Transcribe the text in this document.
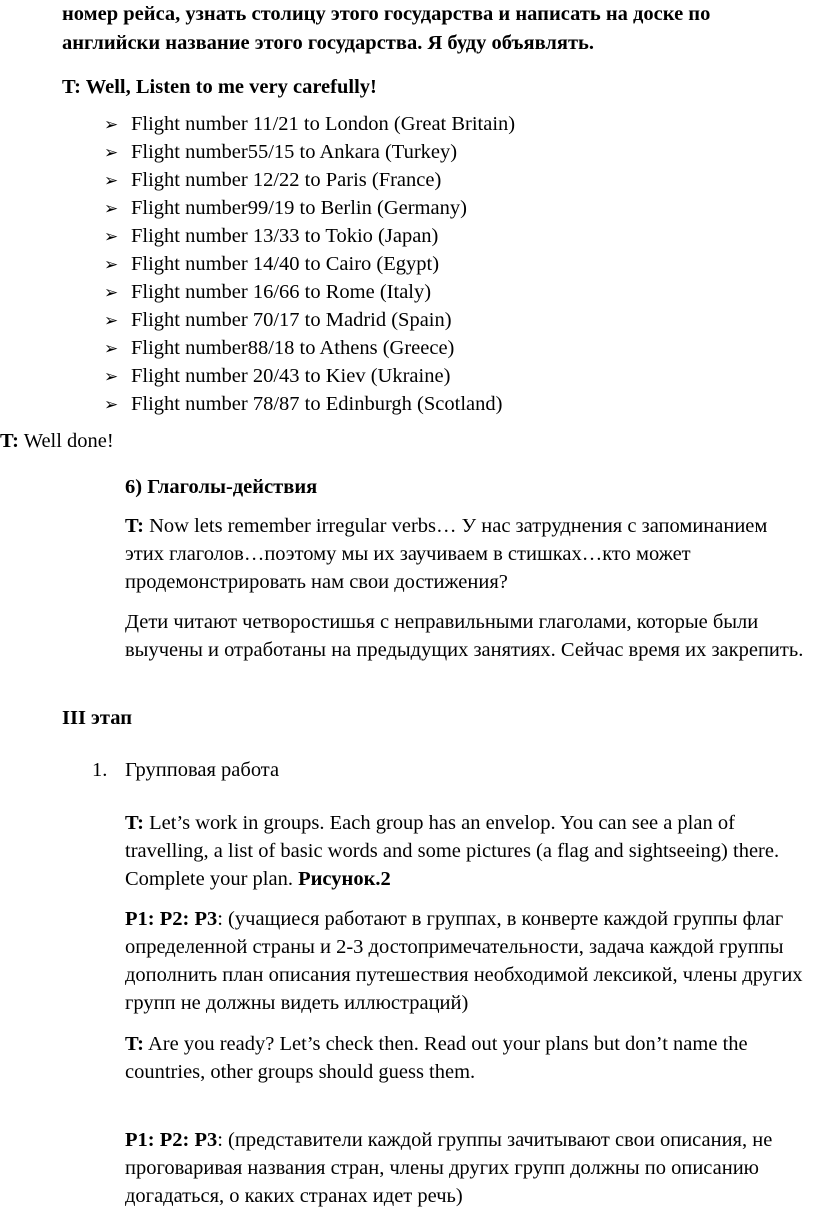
номер рейса, узнать столицу этого государства и написать на доске по английски название этого государства. Я буду объявлять.

T: Well, Listen to me very carefully!

➢ Flight number 11/21 to London (Great Britain)
➢ Flight number55/15 to Ankara (Turkey)
➢ Flight number 12/22 to Paris (France)
➢ Flight number99/19 to Berlin (Germany)
➢ Flight number 13/33 to Tokio (Japan)
➢ Flight number 14/40 to Cairo (Egypt)
➢ Flight number 16/66 to Rome (Italy)
➢ Flight number 70/17 to Madrid (Spain)
➢ Flight number88/18 to Athens (Greece)
➢ Flight number 20/43 to Kiev (Ukraine)
➢ Flight number 78/87 to Edinburgh (Scotland)

T: Well done!

6) Глаголы-действия

T: Now lets remember irregular verbs… У нас затруднения с запоминанием этих глаголов…поэтому мы их заучиваем в стишках…кто может продемонстрировать нам свои достижения?

Дети читают четворостишья с неправильными глаголами, которые были выучены и отработаны на предыдущих занятиях. Сейчас время их закрепить.

III этап

1. Групповая работа

T: Let’s work in groups. Each group has an envelop. You can see a plan of travelling, a list of basic words and some pictures (a flag and sightseeing) there. Complete your plan. Рисунок.2

P1: P2: P3: (учащиеся работают в группах, в конверте каждой группы флаг определенной страны и 2-3 достопримечательности, задача каждой группы дополнить план описания путешествия необходимой лексикой, члены других групп не должны видеть иллюстраций)

T: Are you ready? Let’s check then. Read out your plans but don’t name the countries, other groups should guess them.

P1: P2: P3: (представители каждой группы зачитывают свои описания, не проговаривая названия стран, члены других групп должны по описанию догадаться, о каких странах идет речь)
